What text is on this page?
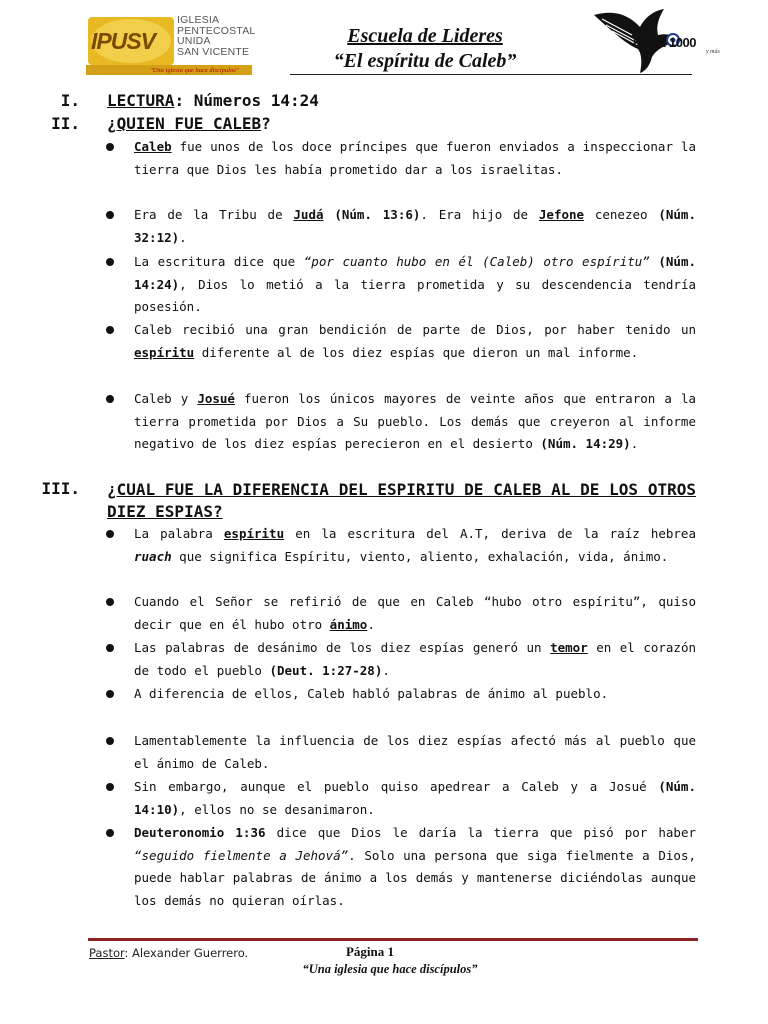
IPUSV
IGLESIA
PENTECOSTAL
UNIDA
SAN VICENTE
"Una iglesia que hace discípulos"
Escuela de Lideres
“El espíritu de Caleb”
ISION 1000
y más
I. LECTURA: Números 14:24
II. ¿QUIEN FUE CALEB?
Caleb fue unos de los doce príncipes que fueron enviados a inspeccionar la tierra que Dios les había prometido dar a los israelitas.
Era de la Tribu de Judá (Núm. 13:6). Era hijo de Jefone cenezeo (Núm. 32:12).
La escritura dice que “por cuanto hubo en él (Caleb) otro espíritu” (Núm. 14:24), Dios lo metió a la tierra prometida y su descendencia tendría posesión.
Caleb recibió una gran bendición de parte de Dios, por haber tenido un espíritu diferente al de los diez espías que dieron un mal informe.
Caleb y Josué fueron los únicos mayores de veinte años que entraron a la tierra prometida por Dios a Su pueblo. Los demás que creyeron al informe negativo de los diez espías perecieron en el desierto (Núm. 14:29).
III. ¿CUAL FUE LA DIFERENCIA DEL ESPIRITU DE CALEB AL DE LOS OTROS
DIEZ ESPIAS?
La palabra espíritu en la escritura del A.T, deriva de la raíz hebrea ruach que significa Espíritu, viento, aliento, exhalación, vida, ánimo.
Cuando el Señor se refirió de que en Caleb “hubo otro espíritu”, quiso decir que en él hubo otro ánimo.
Las palabras de desánimo de los diez espías generó un temor en el corazón de todo el pueblo (Deut. 1:27-28).
A diferencia de ellos, Caleb habló palabras de ánimo al pueblo.
Lamentablemente la influencia de los diez espías afectó más al pueblo que el ánimo de Caleb.
Sin embargo, aunque el pueblo quiso apedrear a Caleb y a Josué (Núm. 14:10), ellos no se desanimaron.
Deuteronomio 1:36 dice que Dios le daría la tierra que pisó por haber “seguido fielmente a Jehová”. Solo una persona que siga fielmente a Dios, puede hablar palabras de ánimo a los demás y mantenerse diciéndolas aunque los demás no quieran oírlas.
Pastor: Alexander Guerrero.	Página 1
“Una iglesia que hace discípulos”
